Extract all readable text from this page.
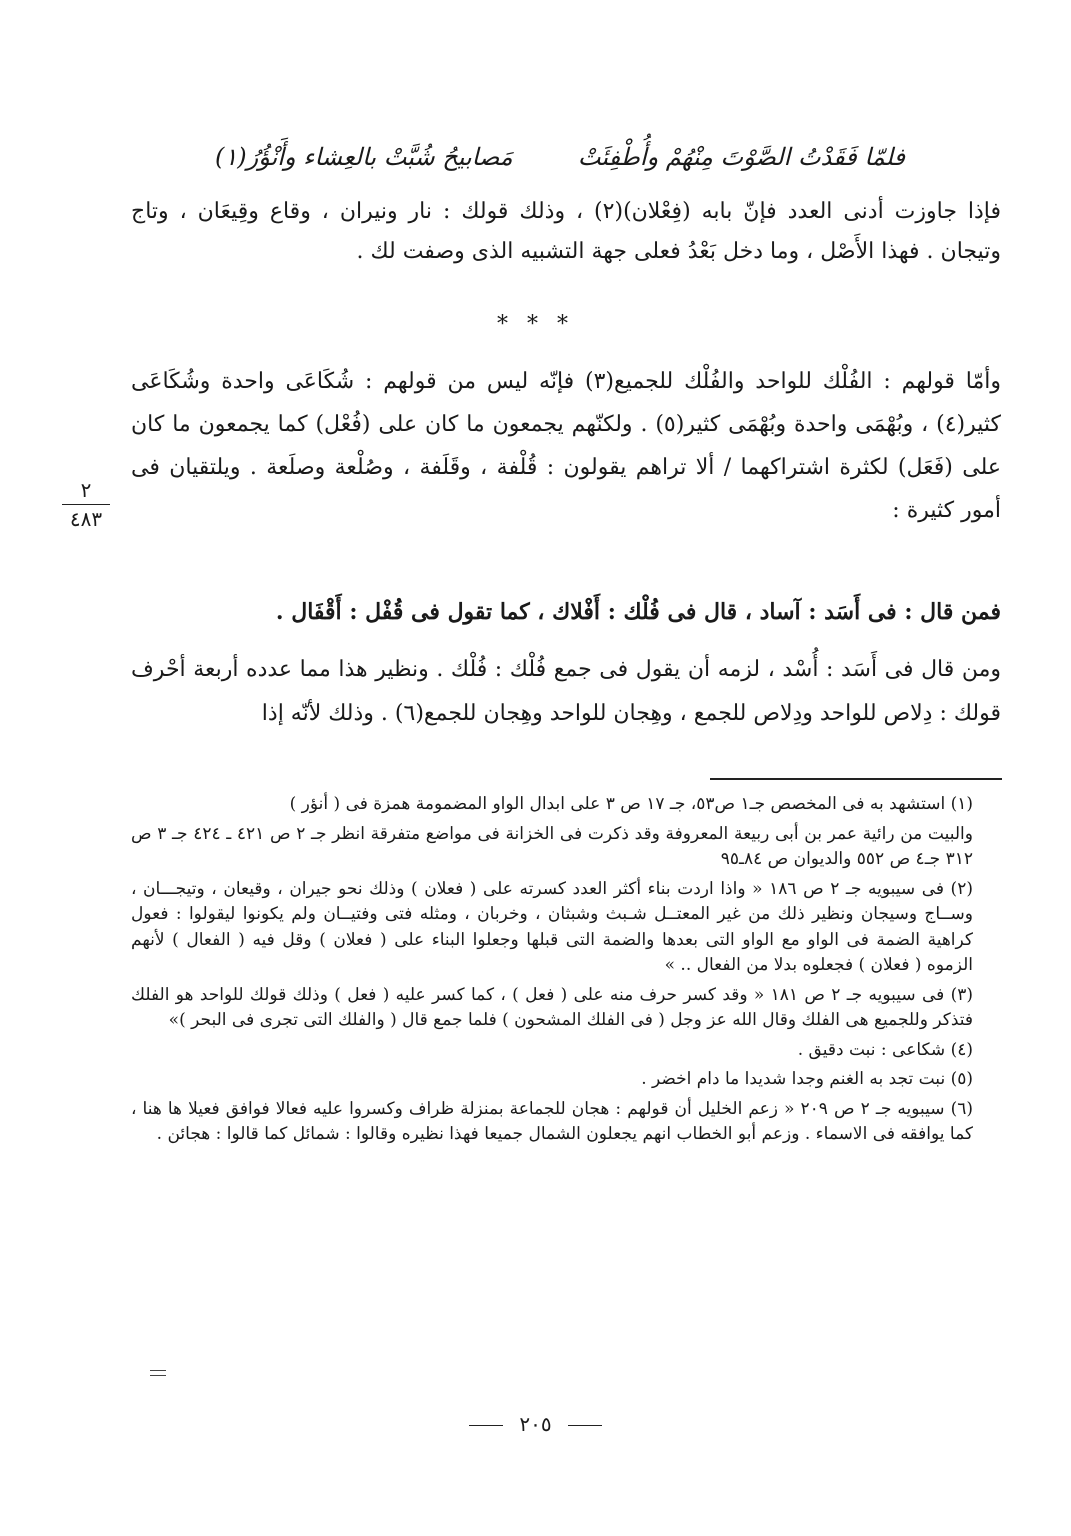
فلمّا فَقَدْتُ الصَّوْتَ مِنْهُمْ وأُطْفِئَتْ
مَصابيحُ شُبَّتْ بالعِشاء وأَنْؤُرُ(١)
فإذا جاوزت أدنى العدد فإنّ بابه (فِعْلان)(٢) ، وذلك قولك : نار ونيران ، وقاع وقِيعَان ، وتاج وتيجان . فهذا الأَصْل ، وما دخل بَعْدُ فعلى جهة التشبيه الذى وصفت لك .
* * *
وأمّا قولهم : الفُلْك للواحد والفُلْك للجميع(٣) فإنّه ليس من قولهم : شُكَاعَى واحدة وشُكَاعَى كثير(٤) ، وبُهْمَى واحدة وبُهْمَى كثير(٥) . ولكنّهم يجمعون ما كان على (فُعْل) كما يجمعون ما كان على (فَعَل) لكثرة اشتراكهما / ألا تراهم يقولون : قُلْفة ، وقَلَفة ، وصُلْعة وصلَعة . ويلتقيان فى أمور كثيرة :
٢
٤٨٣
فمن قال : فى أَسَد : آساد ، قال فى فُلْك : أَفْلاك ، كما تقول فى قُفْل : أَقْفَال .
ومن قال فى أَسَد : أُسْد ، لزمه أن يقول فى جمع فُلْك : فُلْك . ونظير هذا مما عدده أربعة أحْرف قولك : دِلاص للواحد ودِلاص للجمع ، وهِجان للواحد وهِجان للجمع(٦) . وذلك لأنّه إذا

(١) استشهد به فى المخصص جـ١ ص٥٣، جـ ١٧ ص ٣ على ابدال الواو المضمومة همزة فى ( أنؤر )

والبيت من رائية عمر بن أبى ربيعة المعروفة وقد ذكرت فى الخزانة فى مواضع متفرقة انظر جـ ٢ ص ٤٢١ ـ ٤٢٤ جـ ٣ ص ٣١٢ جـ٤ ص ٥٥٢ والديوان ص ٨٤ـ٩٥

(٢) فى سيبويه جـ ٢ ص ١٨٦ « واذا اردت بناء أكثر العدد كسرته على ( فعلان ) وذلك نحو جيران ، وقيعان ، وتيجـــان ، وســاج وسيجان ونظير ذلك من غير المعتــل شـبث وشبثان ، وخربان ، ومثله فتى وفتيــان ولم يكونوا ليقولوا : فعول كراهية الضمة فى الواو مع الواو التى بعدها والضمة التى قبلها وجعلوا البناء على ( فعلان ) وقل فيه ( الفعال ) لأنهم الزموه ( فعلان ) فجعلوه بدلا من الفعال .. »

(٣) فى سيبويه جـ ٢ ص ١٨١ « وقد كسر حرف منه على ( فعل ) ، كما كسر عليه ( فعل ) وذلك قولك للواحد هو الفلك فتذكر وللجميع هى الفلك وقال الله عز وجل ( فى الفلك المشحون ) فلما جمع قال ( والفلك التى تجرى فى البحر )»

(٤) شكاعى : نبت دقيق .

(٥) نبت تجد به الغنم وجدا شديدا ما دام اخضر .

(٦) سيبويه جـ ٢ ص ٢٠٩ « زعم الخليل أن قولهم : هجان للجماعة بمنزلة ظراف وكسروا عليه فعالا فوافق فعيلا ها هنا ، كما يوافقه فى الاسماء . وزعم أبو الخطاب انهم يجعلون الشمال جميعا فهذا نظيره وقالوا : شمائل كما قالوا : هجائن .

٢٠٥
